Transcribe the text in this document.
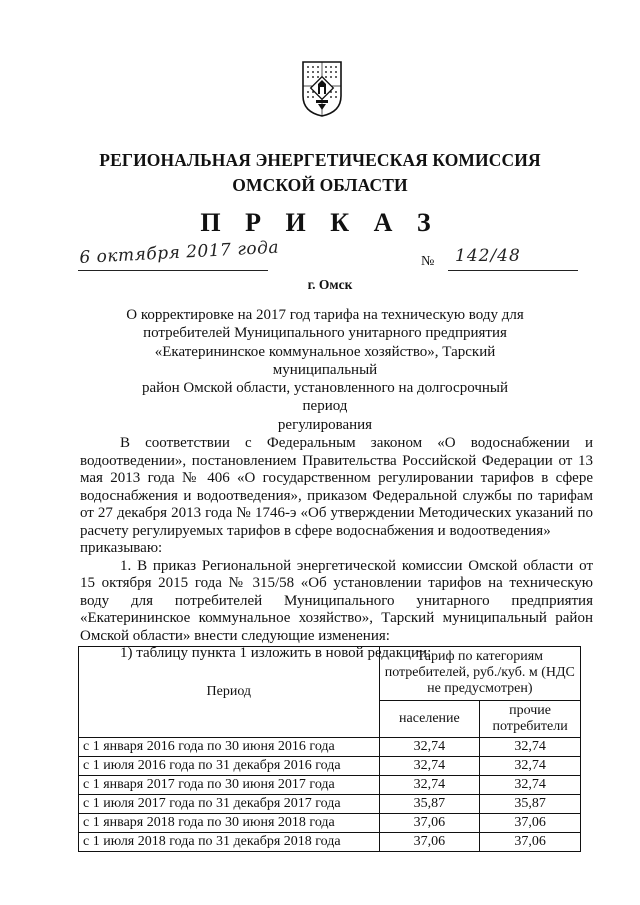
РЕГИОНАЛЬНАЯ ЭНЕРГЕТИЧЕСКАЯ КОМИССИЯ
ОМСКОЙ ОБЛАСТИ
П Р И К А З
6 октября 2017 года	№ 142/48
г. Омск
О корректировке на 2017 год тарифа на техническую воду для
потребителей Муниципального унитарного предприятия
«Екатерининское коммунальное хозяйство», Тарский муниципальный
район Омской области, установленного на долгосрочный период
регулирования

В соответствии с Федеральным законом «О водоснабжении и водоотведении», постановлением Правительства Российской Федерации от 13 мая 2013 года № 406 «О государственном регулировании тарифов в сфере водоснабжения и водоотведения», приказом Федеральной службы по тарифам от 27 декабря 2013 года № 1746-э «Об утверждении Методических указаний по расчету регулируемых тарифов в сфере водоснабжения и водоотведения»

приказываю:

1. В приказ Региональной энергетической комиссии Омской области от 15 октября 2015 года № 315/58 «Об установлении тарифов на техническую воду для потребителей Муниципального унитарного предприятия «Екатерининское коммунальное хозяйство», Тарский муниципальный район Омской области» внести следующие изменения:

1) таблицу пункта 1 изложить в новой редакции:

Период	Тариф по категориям потребителей, руб./куб. м (НДС не предусмотрен)	
	население	прочие потребители
с 1 января 2016 года по 30 июня 2016 года	32,74	32,74
с 1 июля 2016 года по 31 декабря 2016 года	32,74	32,74
с 1 января 2017 года по 30 июня 2017 года	32,74	32,74
с 1 июля 2017 года по 31 декабря 2017 года	35,87	35,87
с 1 января 2018 года по 30 июня 2018 года	37,06	37,06
с 1 июля 2018 года по 31 декабря 2018 года	37,06	37,06
